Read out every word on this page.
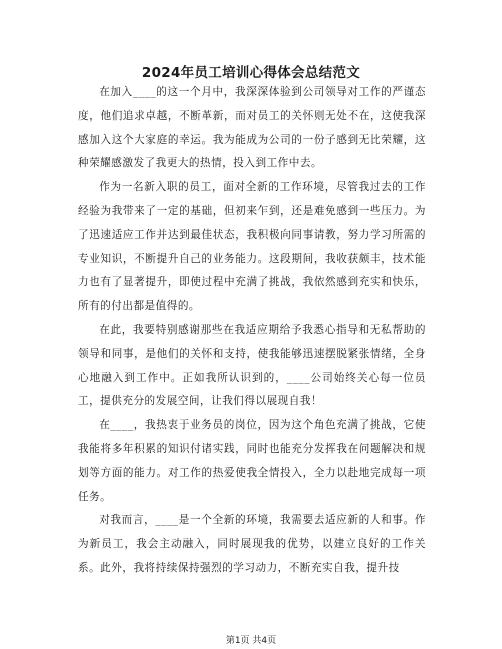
2024年员工培训心得体会总结范文

在加入____的这一个月中，我深深体验到公司领导对工作的严谨态度，他们追求卓越，不断革新，而对员工的关怀则无处不在，这使我深感加入这个大家庭的幸运。我为能成为公司的一份子感到无比荣耀，这种荣耀感激发了我更大的热情，投入到工作中去。

作为一名新入职的员工，面对全新的工作环境，尽管我过去的工作经验为我带来了一定的基础，但初来乍到，还是难免感到一些压力。为了迅速适应工作并达到最佳状态，我积极向同事请教，努力学习所需的专业知识，不断提升自己的业务能力。这段期间，我收获颇丰，技术能力也有了显著提升，即使过程中充满了挑战，我依然感到充实和快乐，所有的付出都是值得的。

在此，我要特别感谢那些在我适应期给予我悉心指导和无私帮助的领导和同事，是他们的关怀和支持，使我能够迅速摆脱紧张情绪，全身心地融入到工作中。正如我所认识到的，____公司始终关心每一位员工，提供充分的发展空间，让我们得以展现自我！

在____，我热衷于业务员的岗位，因为这个角色充满了挑战，它使我能将多年积累的知识付诸实践，同时也能充分发挥我在问题解决和规划等方面的能力。对工作的热爱使我全情投入，全力以赴地完成每一项任务。

对我而言，____是一个全新的环境，我需要去适应新的人和事。作为新员工，我会主动融入，同时展现我的优势，以建立良好的工作关系。此外，我将持续保持强烈的学习动力，不断充实自我，提升技

第1页 共4页
